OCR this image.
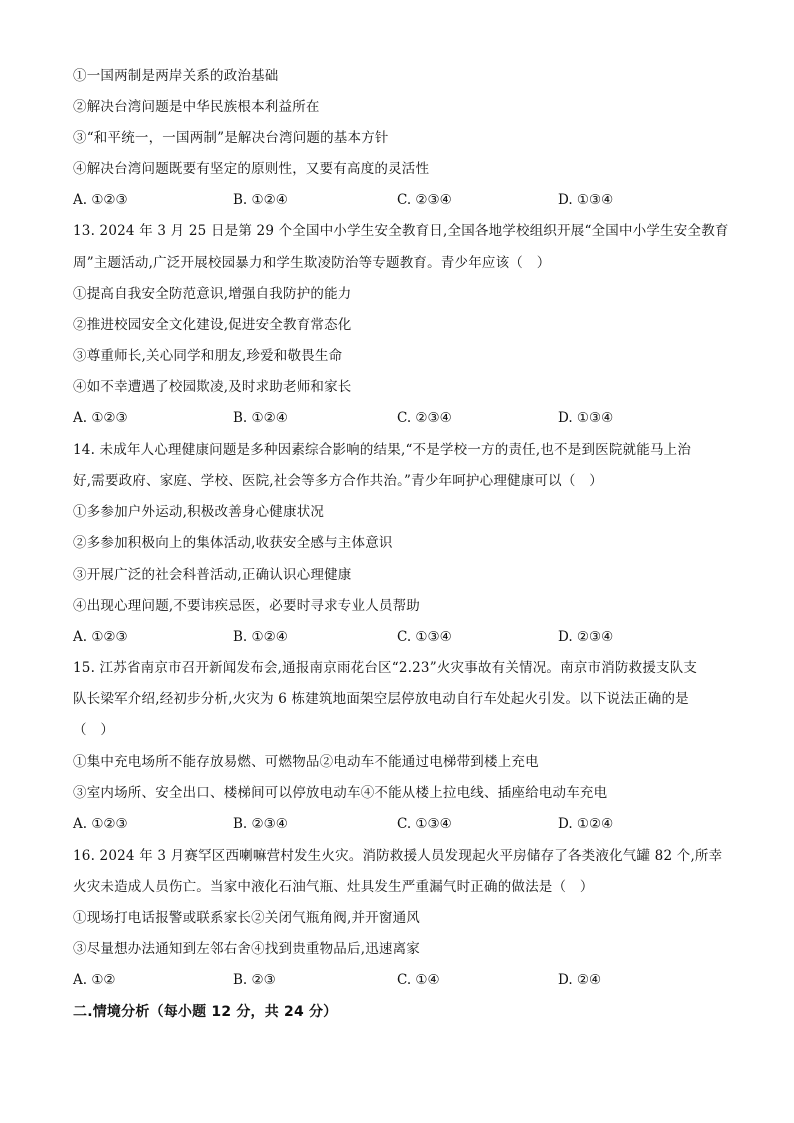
①一国两制是两岸关系的政治基础
②解决台湾问题是中华民族根本利益所在
③“和平统一，一国两制”是解决台湾问题的基本方针
④解决台湾问题既要有坚定的原则性，又要有高度的灵活性
A. ①②③	B. ①②④	C. ②③④	D. ①③④
13. 2024 年 3 月 25 日是第 29 个全国中小学生安全教育日,全国各地学校组织开展“全国中小学生安全教育
周”主题活动,广泛开展校园暴力和学生欺凌防治等专题教育。青少年应该（　）
①提高自我安全防范意识,增强自我防护的能力
②推进校园安全文化建设,促进安全教育常态化
③尊重师长,关心同学和朋友,珍爱和敬畏生命
④如不幸遭遇了校园欺凌,及时求助老师和家长
A. ①②③	B. ①②④	C. ②③④	D. ①③④
14. 未成年人心理健康问题是多种因素综合影响的结果,“不是学校一方的责任,也不是到医院就能马上治
好,需要政府、家庭、学校、医院,社会等多方合作共治。”青少年呵护心理健康可以（　）
①多参加户外运动,积极改善身心健康状况
②多参加积极向上的集体活动,收获安全感与主体意识
③开展广泛的社会科普活动,正确认识心理健康
④出现心理问题,不要讳疾忌医，必要时寻求专业人员帮助
A. ①②③	B. ①②④	C. ①③④	D. ②③④
15. 江苏省南京市召开新闻发布会,通报南京雨花台区“2.23”火灾事故有关情况。南京市消防救援支队支
队长梁军介绍,经初步分析,火灾为 6 栋建筑地面架空层停放电动自行车处起火引发。以下说法正确的是
（　）
①集中充电场所不能存放易燃、可燃物品②电动车不能通过电梯带到楼上充电
③室内场所、安全出口、楼梯间可以停放电动车④不能从楼上拉电线、插座给电动车充电
A. ①②③	B. ②③④	C. ①③④	D. ①②④
16. 2024 年 3 月赛罕区西喇嘛营村发生火灾。消防救援人员发现起火平房储存了各类液化气罐 82 个,所幸
火灾未造成人员伤亡。当家中液化石油气瓶、灶具发生严重漏气时正确的做法是（　）
①现场打电话报警或联系家长②关闭气瓶角阀,并开窗通风
③尽量想办法通知到左邻右舍④找到贵重物品后,迅速离家
A. ①②	B. ②③	C. ①④	D. ②④
二.情境分析（每小题 12 分，共 24 分）
